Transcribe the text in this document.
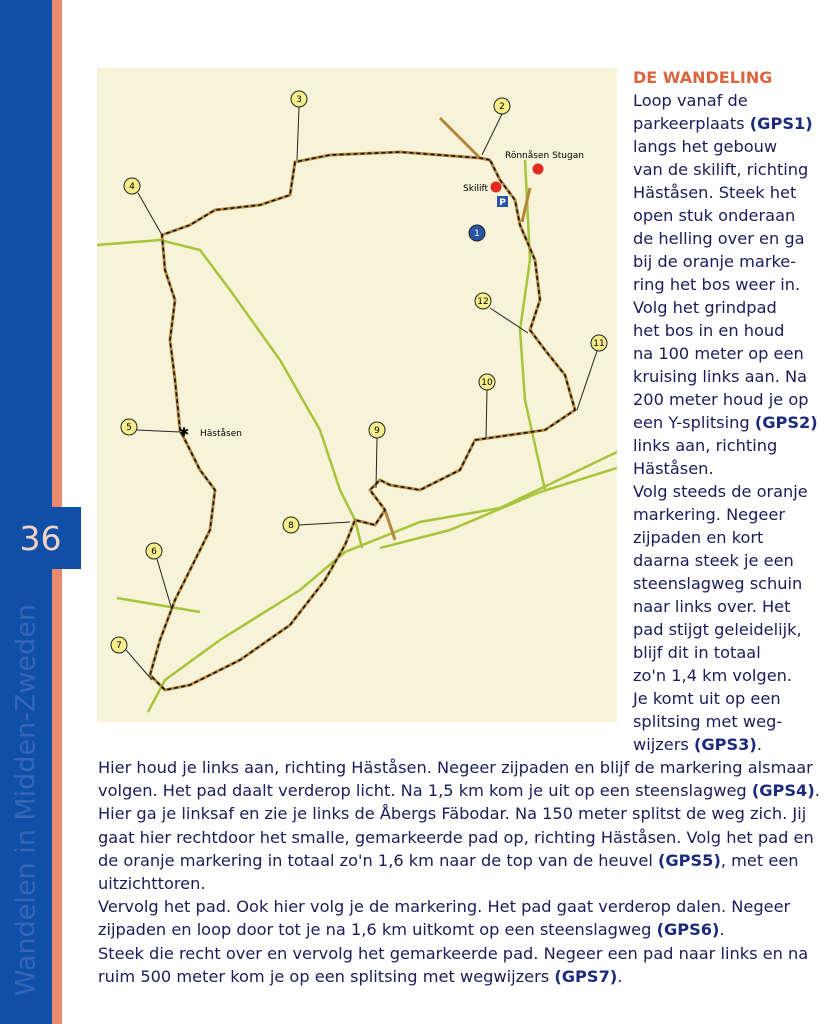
36
Wandelen in Midden-Zweden
3
2
4
11
12
10
9
8
6
7
5
1
P
Skilift
Rönnåsen Stugan
Häståsen
✱
DE WANDELING
Loop vanaf de
parkeerplaats (GPS1)
langs het gebouw
van de skilift, richting
Häståsen. Steek het
open stuk onderaan
de helling over en ga
bij de oranje marke-
ring het bos weer in.
Volg het grindpad
het bos in en houd
na 100 meter op een
kruising links aan. Na
200 meter houd je op
een Y-splitsing (GPS2)
links aan, richting
Häståsen.
Volg steeds de oranje
markering. Negeer
zijpaden en kort
daarna steek je een
steenslagweg schuin
naar links over. Het
pad stijgt geleidelijk,
blijf dit in totaal
zo'n 1,4 km volgen.
Je komt uit op een
splitsing met weg-
wijzers (GPS3).
Hier houd je links aan, richting Häståsen. Negeer zijpaden en blijf de markering alsmaar volgen. Het pad daalt verderop licht. Na 1,5 km kom je uit op een steenslagweg (GPS4). Hier ga je linksaf en zie je links de Åbergs Fäbodar. Na 150 meter splitst de weg zich. Jij gaat hier rechtdoor het smalle, gemarkeerde pad op, richting Häståsen. Volg het pad en de oranje markering in totaal zo'n 1,6 km naar de top van de heuvel (GPS5), met een uitzichttoren.
Vervolg het pad. Ook hier volg je de markering. Het pad gaat verderop dalen. Negeer zijpaden en loop door tot je na 1,6 km uitkomt op een steenslagweg (GPS6).
Steek die recht over en vervolg het gemarkeerde pad. Negeer een pad naar links en na ruim 500 meter kom je op een splitsing met wegwijzers (GPS7).
